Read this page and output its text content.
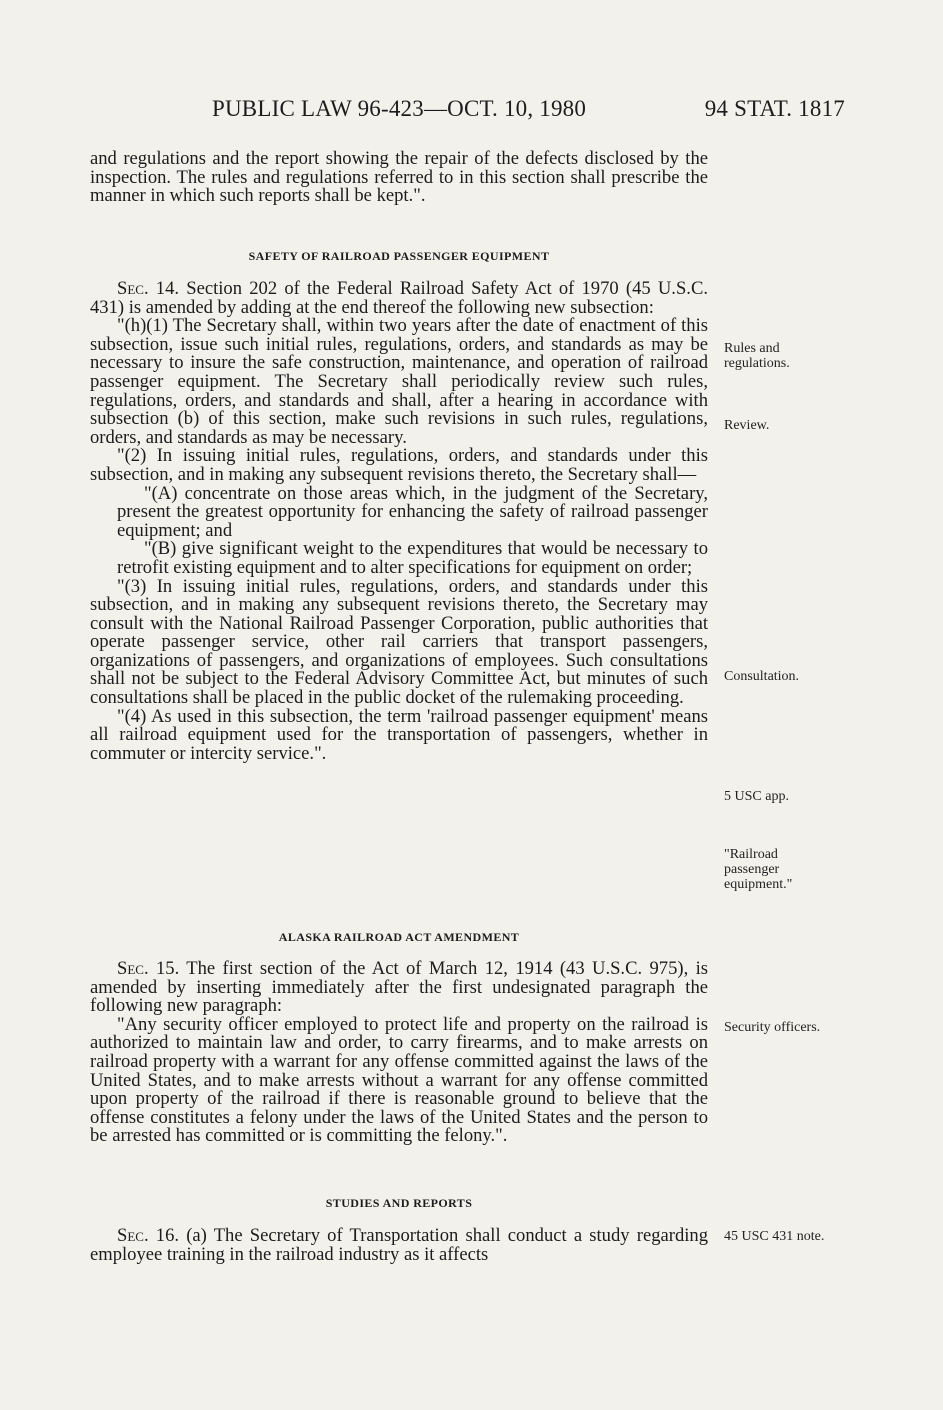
PUBLIC LAW 96-423—OCT. 10, 1980	94 STAT. 1817

and regulations and the report showing the repair of the defects disclosed by the inspection. The rules and regulations referred to in this section shall prescribe the manner in which such reports shall be kept.".

SAFETY OF RAILROAD PASSENGER EQUIPMENT

Sec. 14. Section 202 of the Federal Railroad Safety Act of 1970 (45 U.S.C. 431) is amended by adding at the end thereof the following new subsection:

"(h)(1) The Secretary shall, within two years after the date of enactment of this subsection, issue such initial rules, regulations, orders, and standards as may be necessary to insure the safe construction, maintenance, and operation of railroad passenger equipment. The Secretary shall periodically review such rules, regulations, orders, and standards and shall, after a hearing in accordance with subsection (b) of this section, make such revisions in such rules, regulations, orders, and standards as may be necessary.

"(2) In issuing initial rules, regulations, orders, and standards under this subsection, and in making any subsequent revisions thereto, the Secretary shall—

"(A) concentrate on those areas which, in the judgment of the Secretary, present the greatest opportunity for enhancing the safety of railroad passenger equipment; and

"(B) give significant weight to the expenditures that would be necessary to retrofit existing equipment and to alter specifications for equipment on order;

"(3) In issuing initial rules, regulations, orders, and standards under this subsection, and in making any subsequent revisions thereto, the Secretary may consult with the National Railroad Passenger Corporation, public authorities that operate passenger service, other rail carriers that transport passengers, organizations of passengers, and organizations of employees. Such consultations shall not be subject to the Federal Advisory Committee Act, but minutes of such consultations shall be placed in the public docket of the rulemaking proceeding.

"(4) As used in this subsection, the term 'railroad passenger equipment' means all railroad equipment used for the transportation of passengers, whether in commuter or intercity service.".

ALASKA RAILROAD ACT AMENDMENT

Sec. 15. The first section of the Act of March 12, 1914 (43 U.S.C. 975), is amended by inserting immediately after the first undesignated paragraph the following new paragraph:

"Any security officer employed to protect life and property on the railroad is authorized to maintain law and order, to carry firearms, and to make arrests on railroad property with a warrant for any offense committed against the laws of the United States, and to make arrests without a warrant for any offense committed upon property of the railroad if there is reasonable ground to believe that the offense constitutes a felony under the laws of the United States and the person to be arrested has committed or is committing the felony.".

STUDIES AND REPORTS

Sec. 16. (a) The Secretary of Transportation shall conduct a study regarding employee training in the railroad industry as it affects

Rules and regulations.
Review.
Consultation.
5 USC app.
"Railroad passenger equipment."
Security officers.
45 USC 431 note.
